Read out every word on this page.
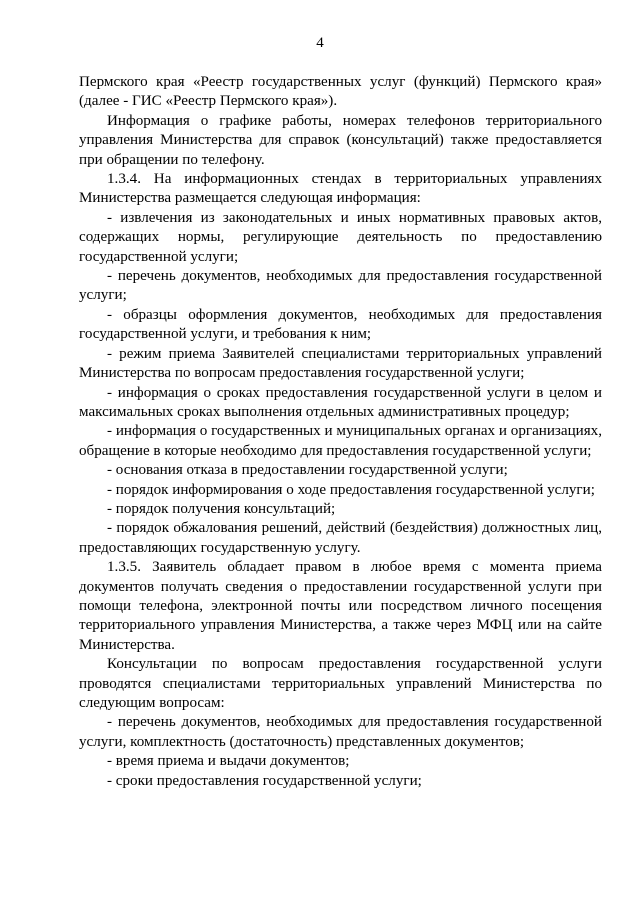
4

Пермского края «Реестр государственных услуг (функций) Пермского края» (далее - ГИС «Реестр Пермского края»).

Информация о графике работы, номерах телефонов территориального управления Министерства для справок (консультаций) также предоставляется при обращении по телефону.

1.3.4. На информационных стендах в территориальных управлениях Министерства размещается следующая информация:

- извлечения из законодательных и иных нормативных правовых актов, содержащих нормы, регулирующие деятельность по предоставлению государственной услуги;

- перечень документов, необходимых для предоставления государственной услуги;

- образцы оформления документов, необходимых для предоставления государственной услуги, и требования к ним;

- режим приема Заявителей специалистами территориальных управлений Министерства по вопросам предоставления государственной услуги;

- информация о сроках предоставления государственной услуги в целом и максимальных сроках выполнения отдельных административных процедур;

- информация о государственных и муниципальных органах и организациях, обращение в которые необходимо для предоставления государственной услуги;

- основания отказа в предоставлении государственной услуги;

- порядок информирования о ходе предоставления государственной услуги;

- порядок получения консультаций;

- порядок обжалования решений, действий (бездействия) должностных лиц, предоставляющих государственную услугу.

1.3.5. Заявитель обладает правом в любое время с момента приема документов получать сведения о предоставлении государственной услуги при помощи телефона, электронной почты или посредством личного посещения территориального управления Министерства, а также через МФЦ или на сайте Министерства.

Консультации по вопросам предоставления государственной услуги проводятся специалистами территориальных управлений Министерства по следующим вопросам:

- перечень документов, необходимых для предоставления государственной услуги, комплектность (достаточность) представленных документов;

- время приема и выдачи документов;

- сроки предоставления государственной услуги;
